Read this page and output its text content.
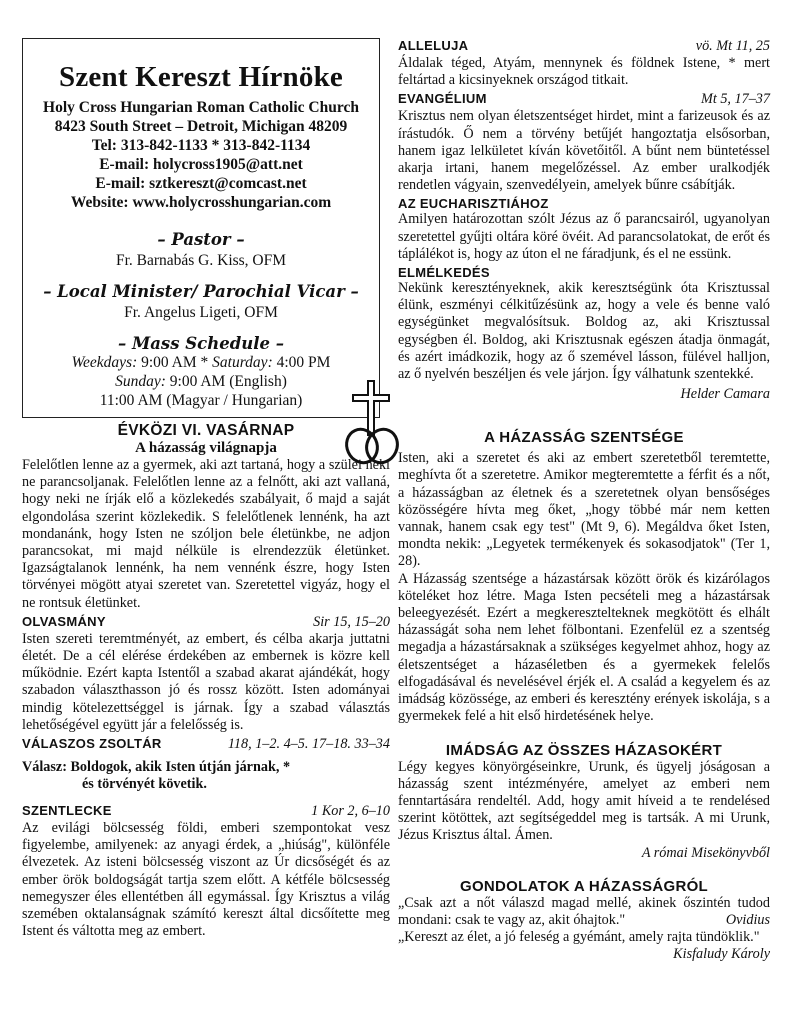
Szent Kereszt Hírnöke
Holy Cross Hungarian Roman Catholic Church
8423 South Street – Detroit, Michigan 48209
Tel: 313-842-1133 * 313-842-1134
E-mail: holycross1905@att.net
E-mail: sztkereszt@comcast.net
Website: www.holycrosshungarian.com
– Pastor –
Fr. Barnabás G. Kiss, OFM
– Local Minister/ Parochial Vicar –
Fr. Angelus Ligeti, OFM
– Mass Schedule –
Weekdays: 9:00 AM * Saturday: 4:00 PM
Sunday: 9:00 AM (English)
11:00 AM (Magyar / Hungarian)
ÉVKÖZI VI. VASÁRNAP
A házasság világnapja

Felelőtlen lenne az a gyermek, aki azt tartaná, hogy a szülei neki ne parancsoljanak. Felelőtlen lenne az a felnőtt, aki azt vallaná, hogy neki ne írják elő a közlekedés szabályait, ő majd a saját elgondolása szerint közlekedik. S felelőtlenek lennénk, ha azt mondanánk, hogy Isten ne szóljon bele életünkbe, ne adjon parancsokat, mi majd nélküle is elrendezzük életünket. Igazságtalanok lennénk, ha nem vennénk észre, hogy Isten törvényei mögött atyai szeretet van. Szeretettel vigyáz, hogy el ne rontsuk életünket.

OLVASMÁNY	Sir 15, 15–20

Isten szereti teremtményét, az embert, és célba akarja juttatni életét. De a cél elérése érdekében az embernek is közre kell működnie. Ezért kapta Istentől a szabad akarat ajándékát, hogy szabadon választhasson jó és rossz között. Isten adományai mindig kötelezettséggel is járnak. Így a szabad választás lehetőségével együtt jár a felelősség is.

VÁLASZOS ZSOLTÁR	118, 1–2. 4–5. 17–18. 33–34
Válasz: Boldogok, akik Isten útján járnak, *
és törvényét követik.
SZENTLECKE	1 Kor 2, 6–10

Az evilági bölcsesség földi, emberi szempontokat vesz figyelembe, amilyenek: az anyagi érdek, a „hiúság", különféle élvezetek. Az isteni bölcsesség viszont az Úr dicsőségét és az ember örök boldogságát tartja szem előtt. A kétféle bölcsesség nemegyszer éles ellentétben áll egymással. Így Krisztus a világ szemében oktalanságnak számító kereszt által dicsőítette meg Istent és váltotta meg az embert.

ALLELUJA	vö. Mt 11, 25

Áldalak téged, Atyám, mennynek és földnek Istene, * mert feltártad a kicsinyeknek országod titkait.

EVANGÉLIUM	Mt 5, 17–37

Krisztus nem olyan életszentséget hirdet, mint a farizeusok és az írástudók. Ő nem a törvény betűjét hangoztatja elsősorban, hanem igaz lelkületet kíván követőitől. A bűnt nem büntetéssel akarja irtani, hanem megelőzéssel. Az ember uralkodjék rendetlen vágyain, szenvedélyein, amelyek bűnre csábítják.

AZ EUCHARISZTIÁHOZ

Amilyen határozottan szólt Jézus az ő parancsairól, ugyanolyan szeretettel gyűjti oltára köré övéit. Ad parancsolatokat, de erőt és táplálékot is, hogy az úton el ne fáradjunk, és el ne essünk.

ELMÉLKEDÉS

Nekünk keresztényeknek, akik keresztségünk óta Krisztussal élünk, eszményi célkitűzésünk az, hogy a vele és benne való egységünket megvalósítsuk. Boldog az, aki Krisztussal egységben él. Boldog, aki Krisztusnak egészen átadja önmagát, és azért imádkozik, hogy az ő szemével lásson, fülével halljon, az ő nyelvén beszéljen és vele járjon. Így válhatunk szentekké.

Helder Camara
A HÁZASSÁG SZENTSÉGE

Isten, aki a szeretet és aki az embert szeretetből teremtette, meghívta őt a szeretetre. Amikor megteremtette a férfit és a nőt, a házasságban az életnek és a szeretetnek olyan bensőséges közösségére hívta meg őket, „hogy többé már nem ketten vannak, hanem csak egy test" (Mt 9, 6). Megáldva őket Isten, mondta nekik: „Legyetek termékenyek és sokasodjatok" (Ter 1, 28).

A Házasság szentsége a házastársak között örök és kizárólagos köteléket hoz létre. Maga Isten pecsételi meg a házastársak beleegyezését. Ezért a megkeresztelteknek megkötött és elhált házasságát soha nem lehet fölbontani. Ezenfelül ez a szentség megadja a házastársaknak a szükséges kegyelmet ahhoz, hogy az életszentséget a házaséletben és a gyermekek felelős elfogadásával és nevelésével érjék el. A család a kegyelem és az imádság közössége, az emberi és keresztény erények iskolája, s a gyermekek felé a hit első hirdetésének helye.

IMÁDSÁG AZ ÖSSZES HÁZASOKÉRT

Légy kegyes könyörgéseinkre, Urunk, és ügyelj jóságosan a házasság szent intézményére, amelyet az emberi nem fenntartására rendeltél. Add, hogy amit híveid a te rendelésed szerint kötöttek, azt segítségeddel meg is tartsák. A mi Urunk, Jézus Krisztus által. Ámen.

A római Misekönyvből
GONDOLATOK A HÁZASSÁGRÓL

„Csak azt a nőt válaszd magad mellé, akinek őszintén tudod mondani: csak te vagy az, akit óhajtok."	Ovidius

„Kereszt az élet, a jó feleség a gyémánt, amely rajta tündöklik."
Kisfaludy Károly
